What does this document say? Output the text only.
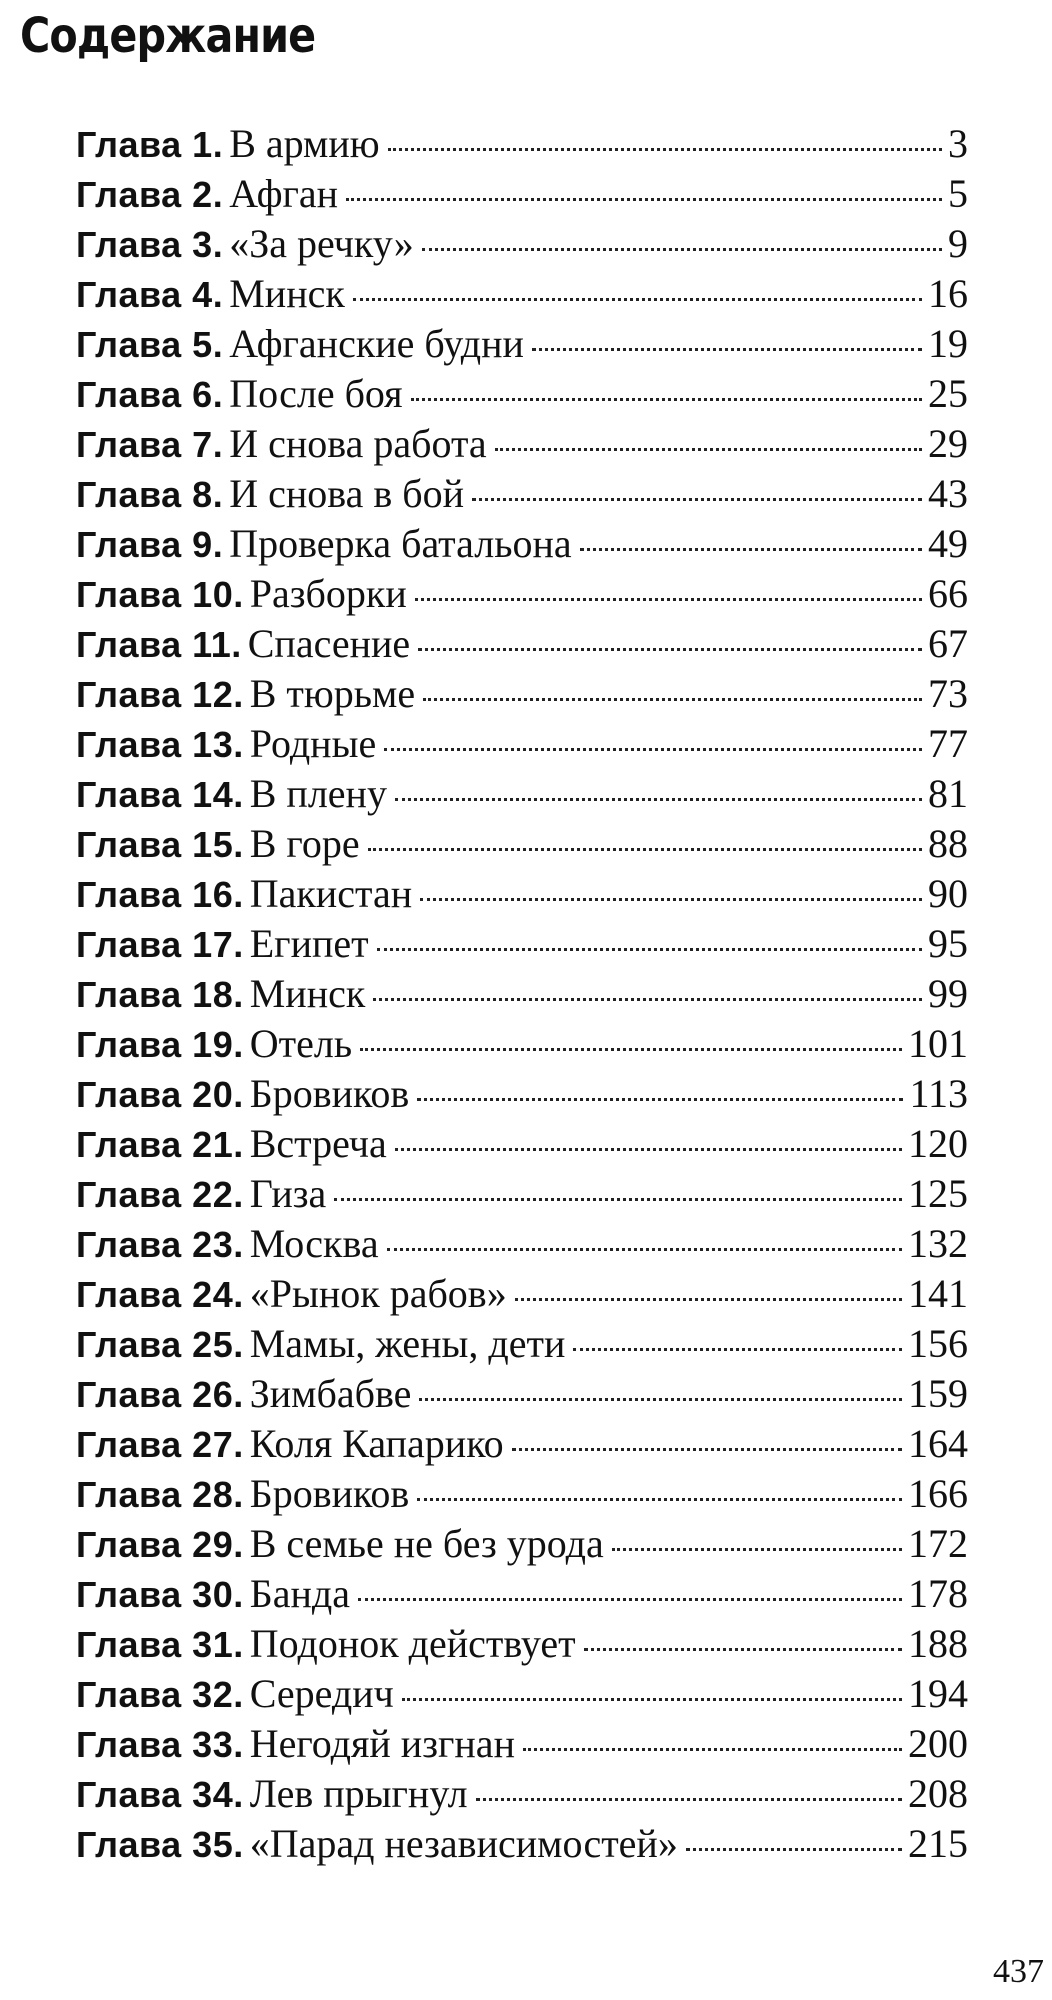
Содержание
Глава 1. В армию	3
Глава 2. Афган	5
Глава 3. «За речку»	9
Глава 4. Минск	16
Глава 5. Афганские будни	19
Глава 6. После боя	25
Глава 7. И снова работа	29
Глава 8. И снова в бой	43
Глава 9. Проверка батальона	49
Глава 10. Разборки	66
Глава 11. Спасение	67
Глава 12. В тюрьме	73
Глава 13. Родные	77
Глава 14. В плену	81
Глава 15. В горе	88
Глава 16. Пакистан	90
Глава 17. Египет	95
Глава 18. Минск	99
Глава 19. Отель	101
Глава 20. Бровиков	113
Глава 21. Встреча	120
Глава 22. Гиза	125
Глава 23. Москва	132
Глава 24. «Рынок рабов»	141
Глава 25. Мамы, жены, дети	156
Глава 26. Зимбабве	159
Глава 27. Коля Капарико	164
Глава 28. Бровиков	166
Глава 29. В семье не без урода	172
Глава 30. Банда	178
Глава 31. Подонок действует	188
Глава 32. Середич	194
Глава 33. Негодяй изгнан	200
Глава 34. Лев прыгнул	208
Глава 35. «Парад независимостей»	215
437
